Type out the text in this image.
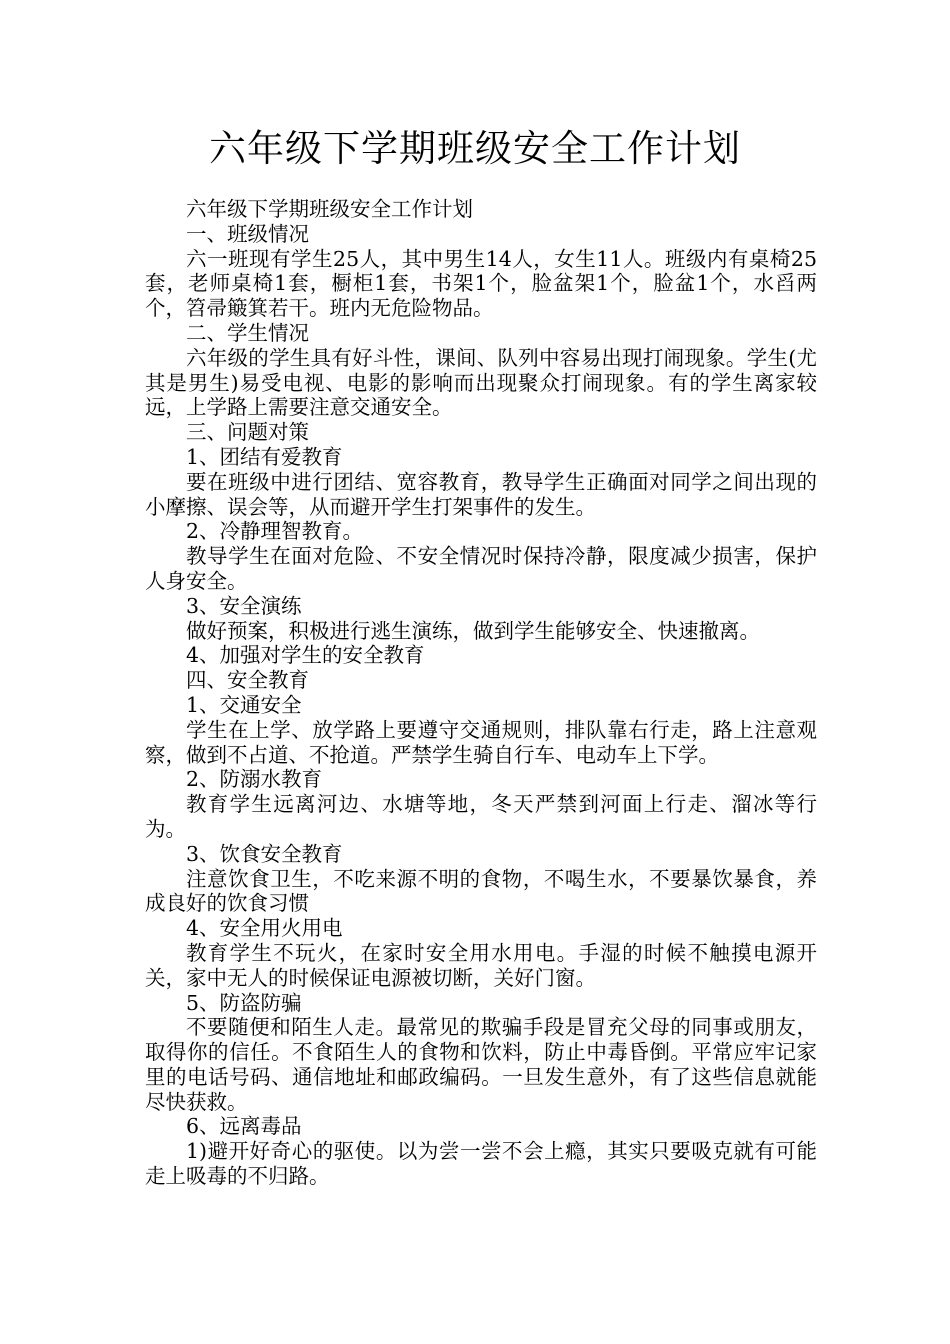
六年级下学期班级安全工作计划

六年级下学期班级安全工作计划

一、班级情况

六一班现有学生25人，其中男生14人，女生11人。班级内有桌椅25套，老师桌椅1套，橱柜1套，书架1个，脸盆架1个，脸盆1个，水舀两个，笤帚簸箕若干。班内无危险物品。

二、学生情况

六年级的学生具有好斗性，课间、队列中容易出现打闹现象。学生(尤其是男生)易受电视、电影的影响而出现聚众打闹现象。有的学生离家较远，上学路上需要注意交通安全。

三、问题对策

1、团结有爱教育

要在班级中进行团结、宽容教育，教导学生正确面对同学之间出现的小摩擦、误会等，从而避开学生打架事件的发生。

2、冷静理智教育。

教导学生在面对危险、不安全情况时保持冷静，限度减少损害，保护人身安全。

3、安全演练

做好预案，积极进行逃生演练，做到学生能够安全、快速撤离。

4、加强对学生的安全教育

四、安全教育

1、交通安全

学生在上学、放学路上要遵守交通规则，排队靠右行走，路上注意观察，做到不占道、不抢道。严禁学生骑自行车、电动车上下学。

2、防溺水教育

教育学生远离河边、水塘等地，冬天严禁到河面上行走、溜冰等行为。

3、饮食安全教育

注意饮食卫生，不吃来源不明的食物，不喝生水，不要暴饮暴食，养成良好的饮食习惯

4、安全用火用电

教育学生不玩火，在家时安全用水用电。手湿的时候不触摸电源开关，家中无人的时候保证电源被切断，关好门窗。

5、防盗防骗

不要随便和陌生人走。最常见的欺骗手段是冒充父母的同事或朋友，取得你的信任。不食陌生人的食物和饮料，防止中毒昏倒。平常应牢记家里的电话号码、通信地址和邮政编码。一旦发生意外，有了这些信息就能尽快获救。

6、远离毒品

1)避开好奇心的驱使。以为尝一尝不会上瘾，其实只要吸克就有可能走上吸毒的不归路。
